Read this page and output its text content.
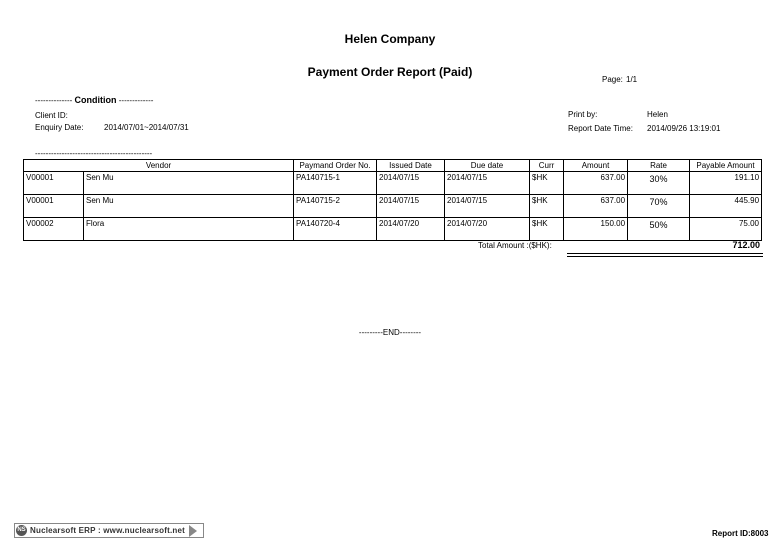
Helen Company
Payment Order Report (Paid)
Page: 1/1
-------------- Condition -------------
Client ID:
Enquiry Date:	2014/07/01~2014/07/31
Print by:	Helen
Report Date Time: 2014/09/26 13:19:01
--------------------------------------------
Vendor		Paymand Order No.	Issued Date	Due date	Curr	Amount	Rate	Payable Amount
V00001	Sen Mu	PA140715-1	2014/07/15	2014/07/15	$HK	637.00	30%	191.10
V00001	Sen Mu	PA140715-2	2014/07/15	2014/07/15	$HK	637.00	70%	445.90
V00002	Flora	PA140720-4	2014/07/20	2014/07/20	$HK	150.00	50%	75.00
Total Amount :($HK):	712.00
---------END--------
NS Nuclearsoft ERP : www.nuclearsoft.net	Report ID:8003
